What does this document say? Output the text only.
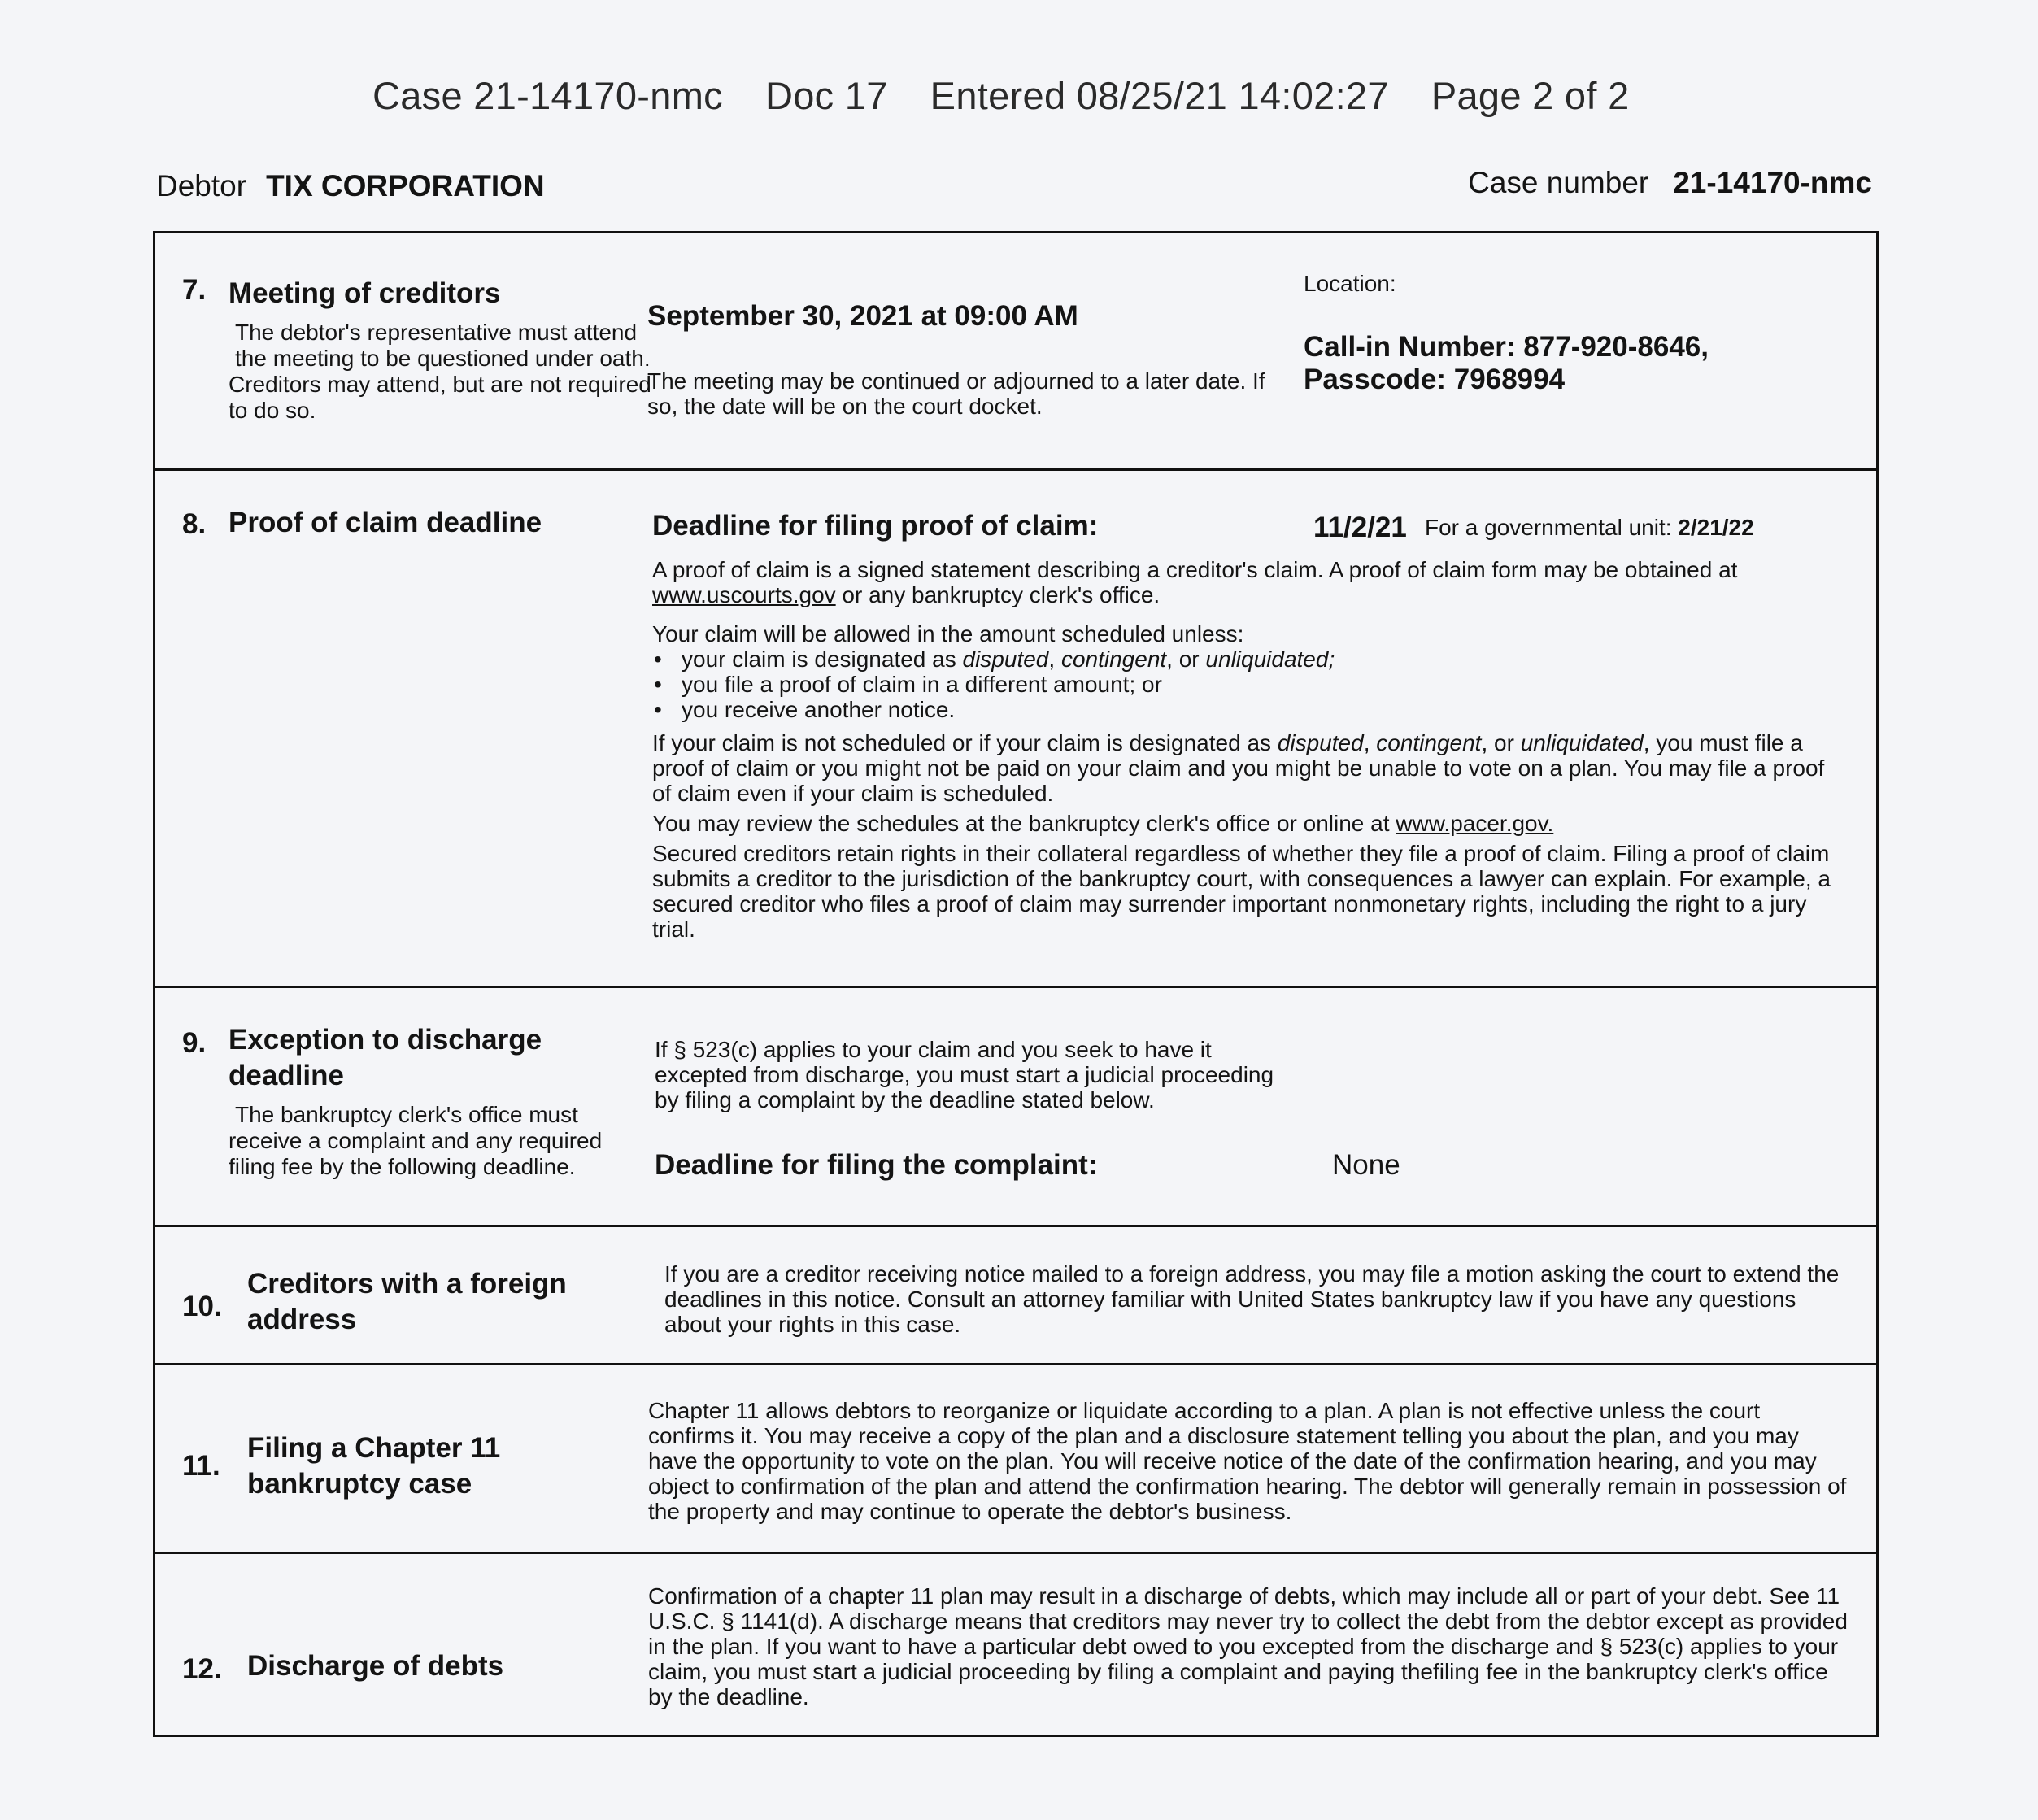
Case 21-14170-nmc Doc 17 Entered 08/25/21 14:02:27 Page 2 of 2
Debtor TIX CORPORATION	Case number 21-14170-nmc
7. Meeting of creditors
The debtor's representative must attend the meeting to be questioned under oath.
Creditors may attend, but are not required to do so.
September 30, 2021 at 09:00 AM
The meeting may be continued or adjourned to a later date. If so, the date will be on the court docket.
Location:
Call-in Number: 877-920-8646,
Passcode: 7968994
8. Proof of claim deadline	Deadline for filing proof of claim:	11/2/21 For a governmental unit: 2/21/22

A proof of claim is a signed statement describing a creditor's claim. A proof of claim form may be obtained at www.uscourts.gov or any bankruptcy clerk's office.

Your claim will be allowed in the amount scheduled unless:

• your claim is designated as disputed, contingent, or unliquidated;
• you file a proof of claim in a different amount; or
• you receive another notice.

If your claim is not scheduled or if your claim is designated as disputed, contingent, or unliquidated, you must file a proof of claim or you might not be paid on your claim and you might be unable to vote on a plan. You may file a proof of claim even if your claim is scheduled.

You may review the schedules at the bankruptcy clerk's office or online at www.pacer.gov.

Secured creditors retain rights in their collateral regardless of whether they file a proof of claim. Filing a proof of claim submits a creditor to the jurisdiction of the bankruptcy court, with consequences a lawyer can explain. For example, a secured creditor who files a proof of claim may surrender important nonmonetary rights, including the right to a jury trial.

9. Exception to discharge deadline
The bankruptcy clerk's office must receive a complaint and any required filing fee by the following deadline.
If § 523(c) applies to your claim and you seek to have it excepted from discharge, you must start a judicial proceeding by filing a complaint by the deadline stated below.
Deadline for filing the complaint:	None
10.
Creditors with a foreign address
If you are a creditor receiving notice mailed to a foreign address, you may file a motion asking the court to extend the deadlines in this notice. Consult an attorney familiar with United States bankruptcy law if you have any questions about your rights in this case.
11.
Filing a Chapter 11 bankruptcy case
Chapter 11 allows debtors to reorganize or liquidate according to a plan. A plan is not effective unless the court confirms it. You may receive a copy of the plan and a disclosure statement telling you about the plan, and you may have the opportunity to vote on the plan. You will receive notice of the date of the confirmation hearing, and you may object to confirmation of the plan and attend the confirmation hearing. The debtor will generally remain in possession of the property and may continue to operate the debtor's business.
12. Discharge of debts
Confirmation of a chapter 11 plan may result in a discharge of debts, which may include all or part of your debt. See 11 U.S.C. § 1141(d). A discharge means that creditors may never try to collect the debt from the debtor except as provided in the plan. If you want to have a particular debt owed to you excepted from the discharge and § 523(c) applies to your claim, you must start a judicial proceeding by filing a complaint and paying thefiling fee in the bankruptcy clerk's office by the deadline.
